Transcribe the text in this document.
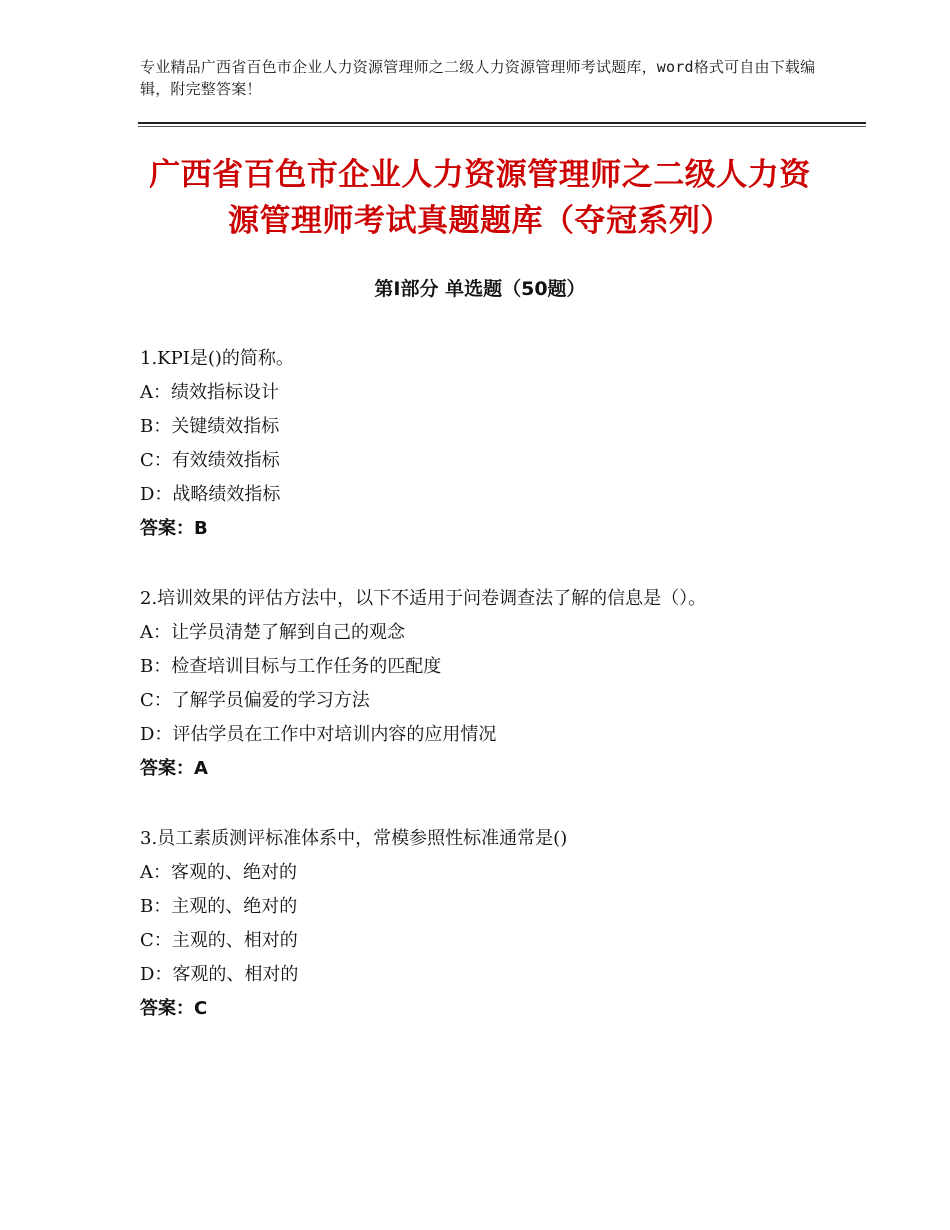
专业精品广西省百色市企业人力资源管理师之二级人力资源管理师考试题库，word格式可自由下载编辑，附完整答案！
广西省百色市企业人力资源管理师之二级人力资源管理师考试真题题库（夺冠系列）
第Ⅰ部分 单选题（50题）
1.KPI是()的简称。
A：绩效指标设计
B：关键绩效指标
C：有效绩效指标
D：战略绩效指标
答案：B
2.培训效果的评估方法中，以下不适用于问卷调查法了解的信息是（）。
A：让学员清楚了解到自己的观念
B：检查培训目标与工作任务的匹配度
C：了解学员偏爱的学习方法
D：评估学员在工作中对培训内容的应用情况
答案：A
3.员工素质测评标准体系中，常模参照性标准通常是()
A：客观的、绝对的
B：主观的、绝对的
C：主观的、相对的
D：客观的、相对的
答案：C
